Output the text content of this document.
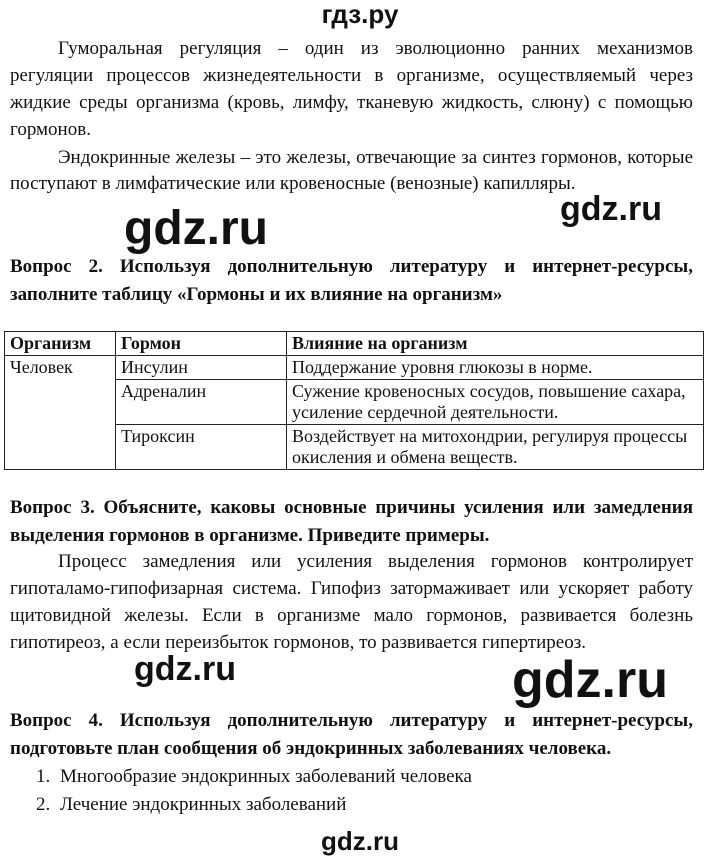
гдз.ру

Гуморальная регуляция – один из эволюционно ранних механизмов регуляции процессов жизнедеятельности в организме, осуществляемый через жидкие среды организма (кровь, лимфу, тканевую жидкость, слюну) с помощью гормонов.

Эндокринные железы – это железы, отвечающие за синтез гормонов, которые поступают в лимфатические или кровеносные (венозные) капилляры.

gdz.ru	gdz.ru

Вопрос 2. Используя дополнительную литературу и интернет-ресурсы, заполните таблицу «Гормоны и их влияние на организм»

Организм	Гормон	Влияние на организм
Человек	Инсулин	Поддержание уровня глюкозы в норме.
	Адреналин	Сужение кровеносных сосудов, повышение сахара, усиление сердечной деятельности.
	Тироксин	Воздействует на митохондрии, регулируя процессы окисления и обмена веществ.

Вопрос 3. Объясните, каковы основные причины усиления или замедления выделения гормонов в организме. Приведите примеры.

Процесс замедления или усиления выделения гормонов контролирует гипоталамо-гипофизарная система. Гипофиз затормаживает или ускоряет работу щитовидной железы. Если в организме мало гормонов, развивается болезнь гипотиреоз, а если переизбыток гормонов, то развивается гипертиреоз.

gdz.ru	gdz.ru

Вопрос 4. Используя дополнительную литературу и интернет-ресурсы, подготовьте план сообщения об эндокринных заболеваниях человека.

1. Многообразие эндокринных заболеваний человека
2. Лечение эндокринных заболеваний
gdz.ru
